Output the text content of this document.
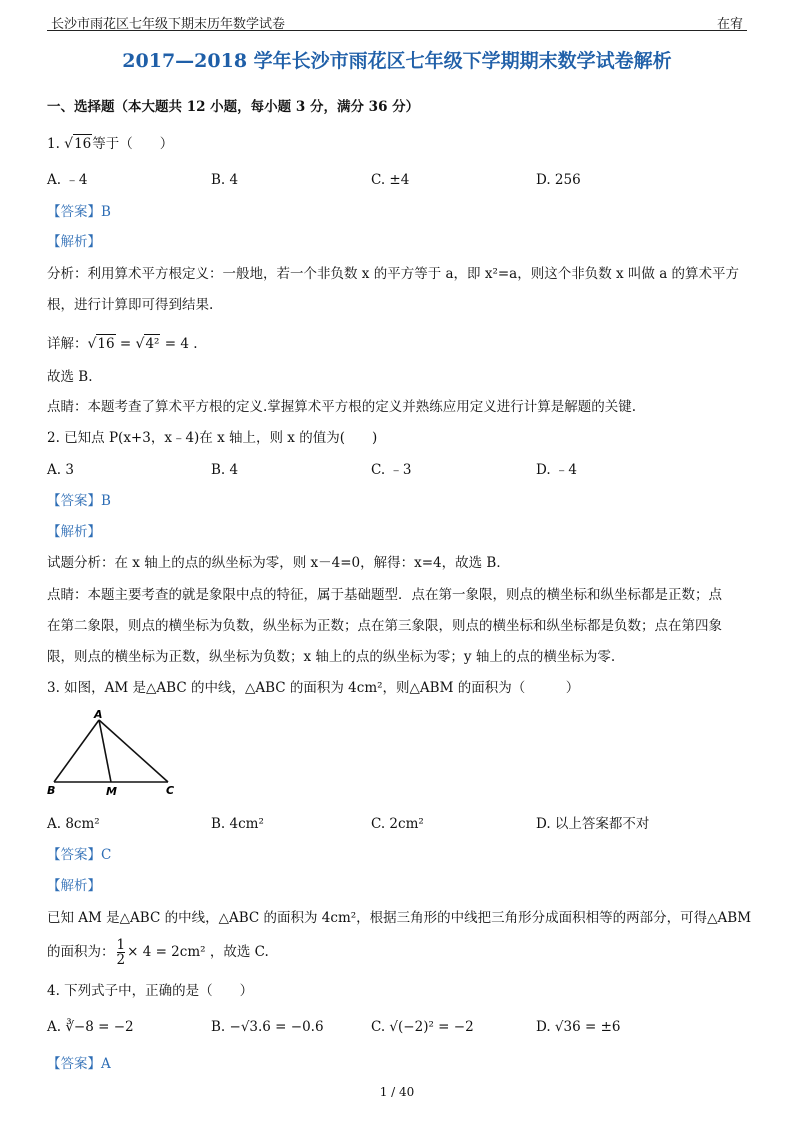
长沙市雨花区七年级下期末历年数学试卷	在宥
2017—2018 学年长沙市雨花区七年级下学期期末数学试卷解析
一、选择题（本大题共 12 小题，每小题 3 分，满分 36 分）
1. √16等于（　　）
A. ﹣4	B. 4	C. ±4	D. 256
【答案】B
【解析】
分析：利用算术平方根定义：一般地，若一个非负数 x 的平方等于 a，即 x²=a，则这个非负数 x 叫做 a 的算术平方
根，进行计算即可得到结果.
详解：√16 = √4² = 4 .
故选 B.
点睛：本题考查了算术平方根的定义.掌握算术平方根的定义并熟练应用定义进行计算是解题的关键.
2. 已知点 P(x+3，x﹣4)在 x 轴上，则 x 的值为(　　)
A. 3	B. 4	C. ﹣3	D. ﹣4
【答案】B
【解析】
试题分析：在 x 轴上的点的纵坐标为零，则 x－4=0，解得：x=4，故选 B．
点睛：本题主要考查的就是象限中点的特征，属于基础题型．点在第一象限，则点的横坐标和纵坐标都是正数；点
在第二象限，则点的横坐标为负数，纵坐标为正数；点在第三象限，则点的横坐标和纵坐标都是负数；点在第四象
限，则点的横坐标为正数，纵坐标为负数；x 轴上的点的纵坐标为零；y 轴上的点的横坐标为零.
3. 如图，AM 是△ABC 的中线，△ABC 的面积为 4cm²，则△ABM 的面积为（　　　）
A
B	M	C
A. 8cm²	B. 4cm²	C. 2cm²	D. 以上答案都不对
【答案】C
【解析】
已知 AM 是△ABC 的中线，△ABC 的面积为 4cm²，根据三角形的中线把三角形分成面积相等的两部分，可得△ABM
的面积为： $\frac{1}{2} \times 4 = 2cm^2$ ，故选 C.
4. 下列式子中，正确的是（　　）
A. ∛−8 = −2	B. −√3.6 = −0.6	C. √(−2)² = −2	D. √36 = ±6
【答案】A
1 / 40
